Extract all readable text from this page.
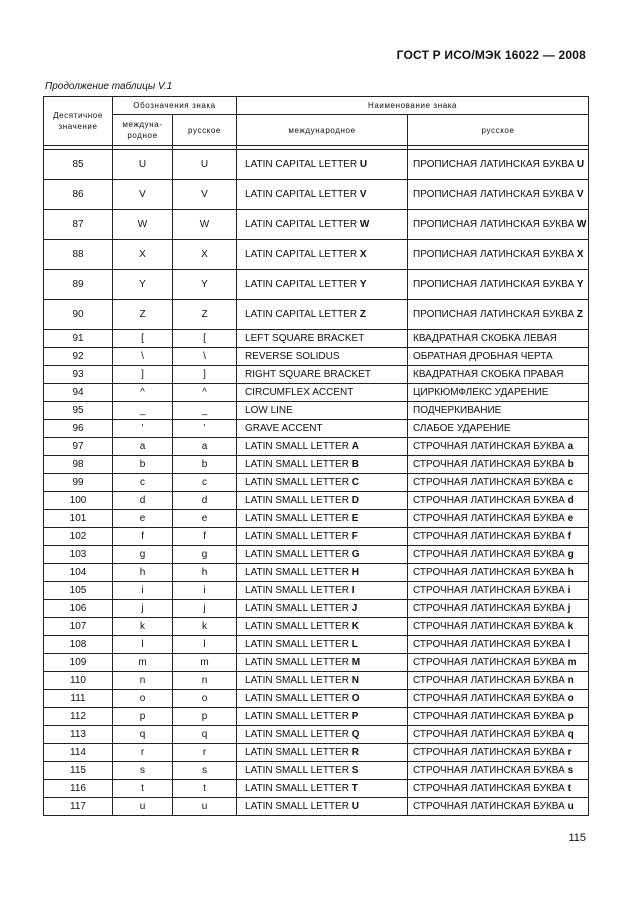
ГОСТ Р ИСО/МЭК 16022 — 2008
Продолжение таблицы V.1
Десятичное значение	Обозначения знака		Наименование знака	
	междуна-родное	русское	международное	русское

85	U	U	LATIN CAPITAL LETTER U	ПРОПИСНАЯ ЛАТИНСКАЯ БУКВА U
86	V	V	LATIN CAPITAL LETTER V	ПРОПИСНАЯ ЛАТИНСКАЯ БУКВА V
87	W	W	LATIN CAPITAL LETTER W	ПРОПИСНАЯ ЛАТИНСКАЯ БУКВА W
88	X	X	LATIN CAPITAL LETTER X	ПРОПИСНАЯ ЛАТИНСКАЯ БУКВА X
89	Y	Y	LATIN CAPITAL LETTER Y	ПРОПИСНАЯ ЛАТИНСКАЯ БУКВА Y
90	Z	Z	LATIN CAPITAL LETTER Z	ПРОПИСНАЯ ЛАТИНСКАЯ БУКВА Z
91	[	[	LEFT SQUARE BRACKET	КВАДРАТНАЯ СКОБКА ЛЕВАЯ
92	\	\	REVERSE SOLIDUS	ОБРАТНАЯ ДРОБНАЯ ЧЕРТА
93	]	]	RIGHT SQUARE BRACKET	КВАДРАТНАЯ СКОБКА ПРАВАЯ
94	^	^	CIRCUMFLEX ACCENT	ЦИРКЮМФЛЕКС УДАРЕНИЕ
95	_	_	LOW LINE	ПОДЧЕРКИВАНИЕ
96	'	'	GRAVE ACCENT	СЛАБОЕ УДАРЕНИЕ
97	a	a	LATIN SMALL LETTER A	СТРОЧНАЯ ЛАТИНСКАЯ БУКВА a
98	b	b	LATIN SMALL LETTER B	СТРОЧНАЯ ЛАТИНСКАЯ БУКВА b
99	c	c	LATIN SMALL LETTER C	СТРОЧНАЯ ЛАТИНСКАЯ БУКВА c
100	d	d	LATIN SMALL LETTER D	СТРОЧНАЯ ЛАТИНСКАЯ БУКВА d
101	e	e	LATIN SMALL LETTER E	СТРОЧНАЯ ЛАТИНСКАЯ БУКВА e
102	f	f	LATIN SMALL LETTER F	СТРОЧНАЯ ЛАТИНСКАЯ БУКВА f
103	g	g	LATIN SMALL LETTER G	СТРОЧНАЯ ЛАТИНСКАЯ БУКВА g
104	h	h	LATIN SMALL LETTER H	СТРОЧНАЯ ЛАТИНСКАЯ БУКВА h
105	i	i	LATIN SMALL LETTER I	СТРОЧНАЯ ЛАТИНСКАЯ БУКВА i
106	j	j	LATIN SMALL LETTER J	СТРОЧНАЯ ЛАТИНСКАЯ БУКВА j
107	k	k	LATIN SMALL LETTER K	СТРОЧНАЯ ЛАТИНСКАЯ БУКВА k
108	l	l	LATIN SMALL LETTER L	СТРОЧНАЯ ЛАТИНСКАЯ БУКВА l
109	m	m	LATIN SMALL LETTER M	СТРОЧНАЯ ЛАТИНСКАЯ БУКВА m
110	n	n	LATIN SMALL LETTER N	СТРОЧНАЯ ЛАТИНСКАЯ БУКВА n
111	o	o	LATIN SMALL LETTER O	СТРОЧНАЯ ЛАТИНСКАЯ БУКВА o
112	p	p	LATIN SMALL LETTER P	СТРОЧНАЯ ЛАТИНСКАЯ БУКВА p
113	q	q	LATIN SMALL LETTER Q	СТРОЧНАЯ ЛАТИНСКАЯ БУКВА q
114	r	r	LATIN SMALL LETTER R	СТРОЧНАЯ ЛАТИНСКАЯ БУКВА r
115	s	s	LATIN SMALL LETTER S	СТРОЧНАЯ ЛАТИНСКАЯ БУКВА s
116	t	t	LATIN SMALL LETTER T	СТРОЧНАЯ ЛАТИНСКАЯ БУКВА t
117	u	u	LATIN SMALL LETTER U	СТРОЧНАЯ ЛАТИНСКАЯ БУКВА u
115
